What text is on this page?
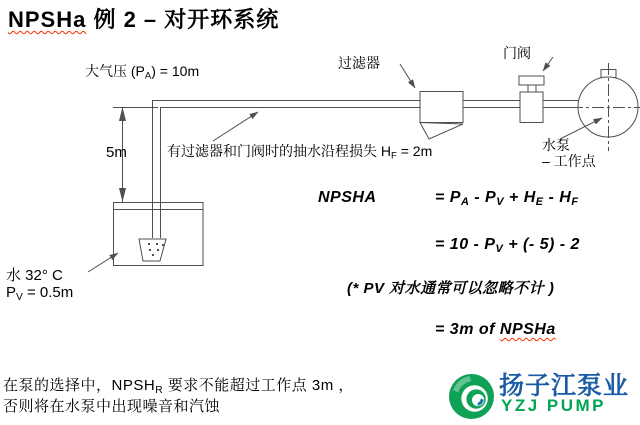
NPSHa 例 2 – 对开环系统
大气压 $(P_A) = 10m$
5m	有过滤器和门阀时的抽水沿程损失 $H_F = 2m$
过滤器
门阀
水泵
– 工作点
水 32° C
$P_V = 0.5m$
NPSHA	= $P_A - P_V + H_E - H_F$
= $10 - P_V$ + (- 5) - 2
(* PV 对水通常可以忽略不计 )
= 3m of NPSHa
在泵的选择中，$NPSH_R$ 要求不能超过工作点 3m ，
否则将在水泵中出现噪音和汽蚀
扬子江泵业
YZJ PUMP
